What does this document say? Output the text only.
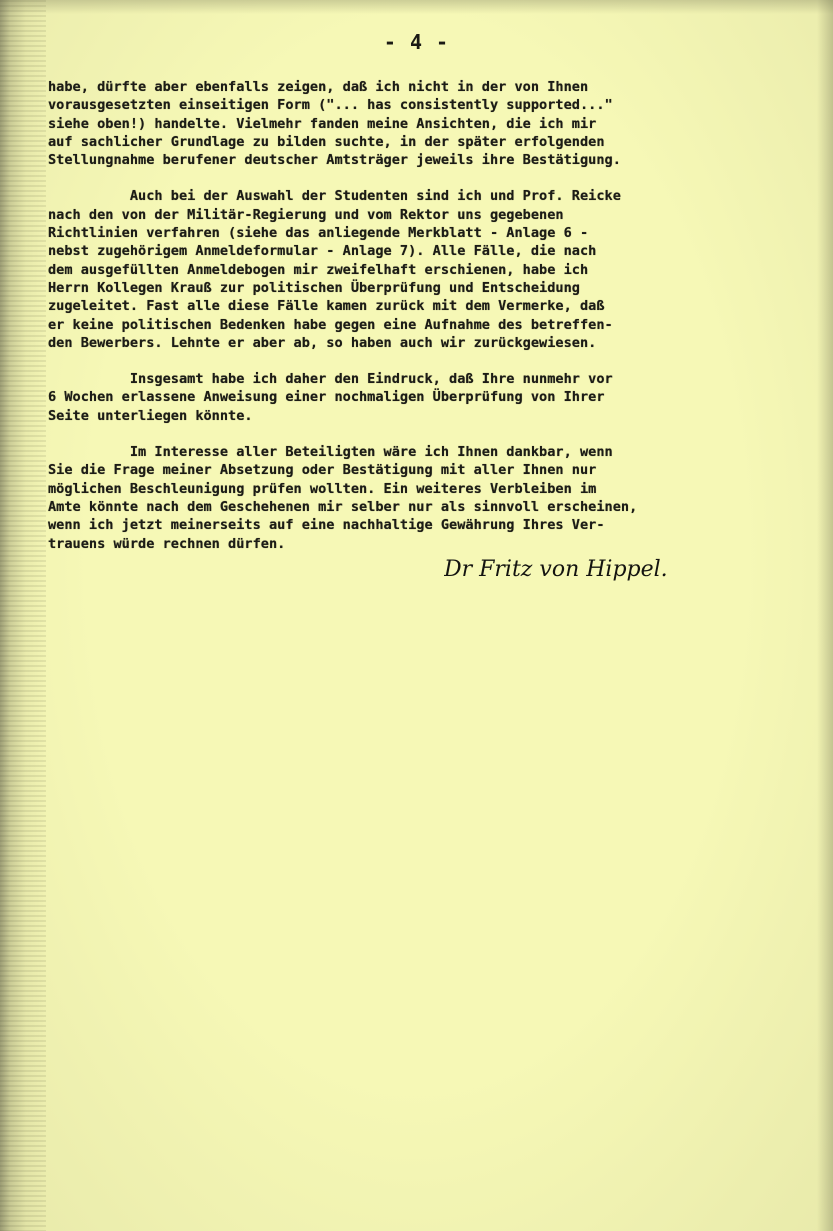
- 4 -
habe, dürfte aber ebenfalls zeigen, daß ich nicht in der von Ihnen
vorausgesetzten einseitigen Form ("... has consistently supported..."
siehe oben!) handelte. Vielmehr fanden meine Ansichten, die ich mir
auf sachlicher Grundlage zu bilden suchte, in der später erfolgenden
Stellungnahme berufener deutscher Amtsträger jeweils ihre Bestätigung.
Auch bei der Auswahl der Studenten sind ich und Prof. Reicke
nach den von der Militär-Regierung und vom Rektor uns gegebenen
Richtlinien verfahren (siehe das anliegende Merkblatt - Anlage 6 -
nebst zugehörigem Anmeldeformular - Anlage 7). Alle Fälle, die nach
dem ausgefüllten Anmeldebogen mir zweifelhaft erschienen, habe ich
Herrn Kollegen Krauß zur politischen Überprüfung und Entscheidung
zugeleitet. Fast alle diese Fälle kamen zurück mit dem Vermerke, daß
er keine politischen Bedenken habe gegen eine Aufnahme des betreffen-
den Bewerbers. Lehnte er aber ab, so haben auch wir zurückgewiesen.
Insgesamt habe ich daher den Eindruck, daß Ihre nunmehr vor
6 Wochen erlassene Anweisung einer nochmaligen Überprüfung von Ihrer
Seite unterliegen könnte.
Im Interesse aller Beteiligten wäre ich Ihnen dankbar, wenn
Sie die Frage meiner Absetzung oder Bestätigung mit aller Ihnen nur
möglichen Beschleunigung prüfen wollten. Ein weiteres Verbleiben im
Amte könnte nach dem Geschehenen mir selber nur als sinnvoll erscheinen,
wenn ich jetzt meinerseits auf eine nachhaltige Gewährung Ihres Ver-
trauens würde rechnen dürfen.
Dr Fritz von Hippel.
